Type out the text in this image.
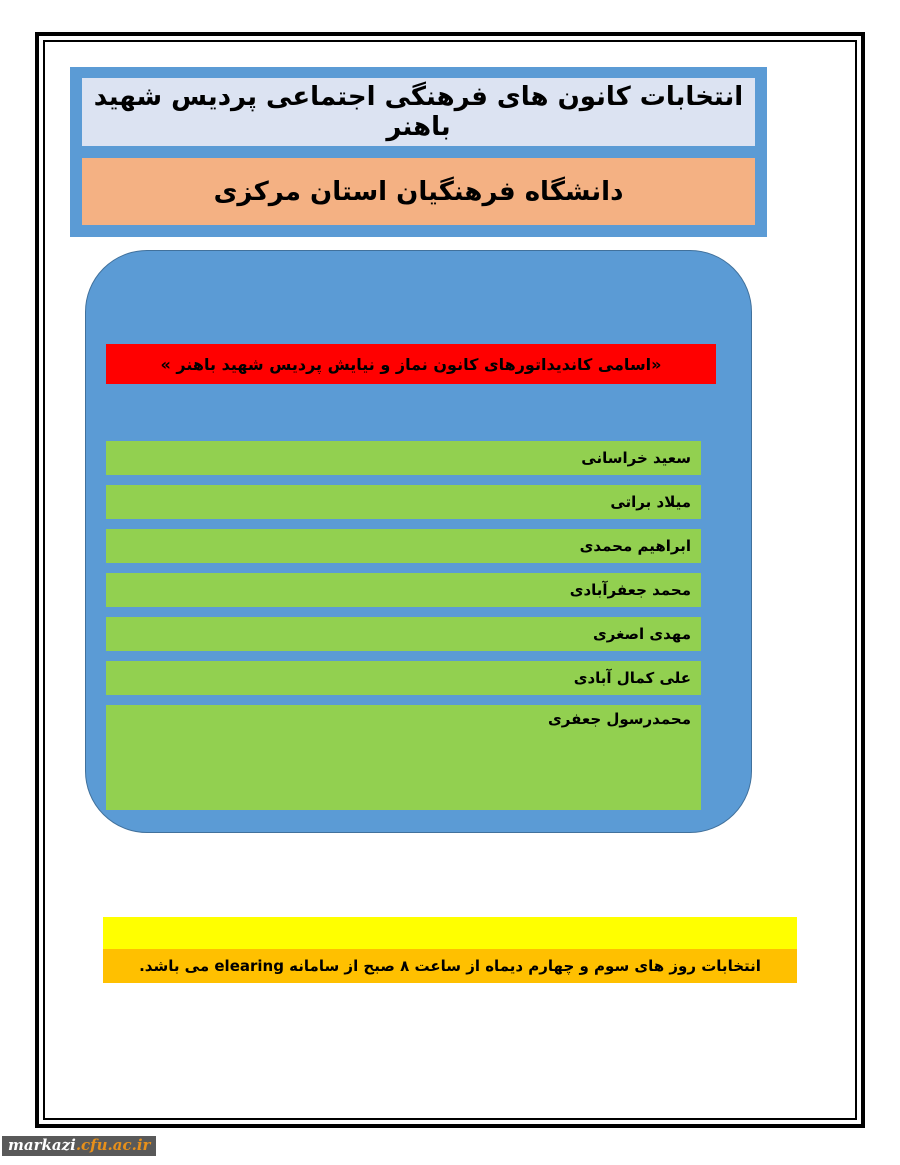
انتخابات کانون های فرهنگی اجتماعی پردیس شهید باهنر
دانشگاه فرهنگیان استان مرکزی
«اسامی کاندیداتورهای کانون نماز و نیایش پردیس شهید باهنر »
سعید خراسانی
میلاد براتی
ابراهیم محمدی
محمد جعفرآبادی
مهدی اصغری
علی کمال آبادی
محمدرسول جعفری
انتخابات روز های سوم و چهارم دیماه از ساعت ۸ صبح از سامانه elearing می باشد.
markazi.cfu.ac.ir
